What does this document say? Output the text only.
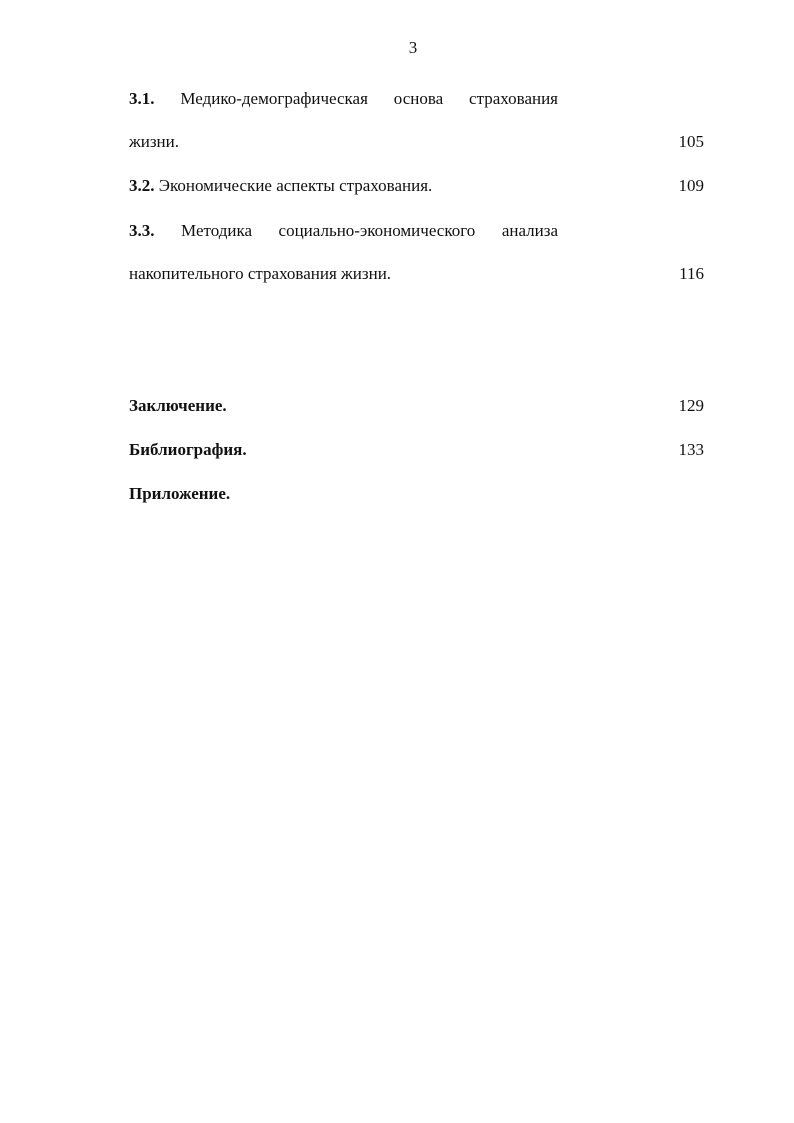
3
3.1. Медико-демографическая основа страхования
жизни.	105
3.2. Экономические аспекты страхования.	109
3.3. Методика социально-экономического анализа
накопительного страхования жизни.	116
Заключение.	129
Библиография.	133
Приложение.
